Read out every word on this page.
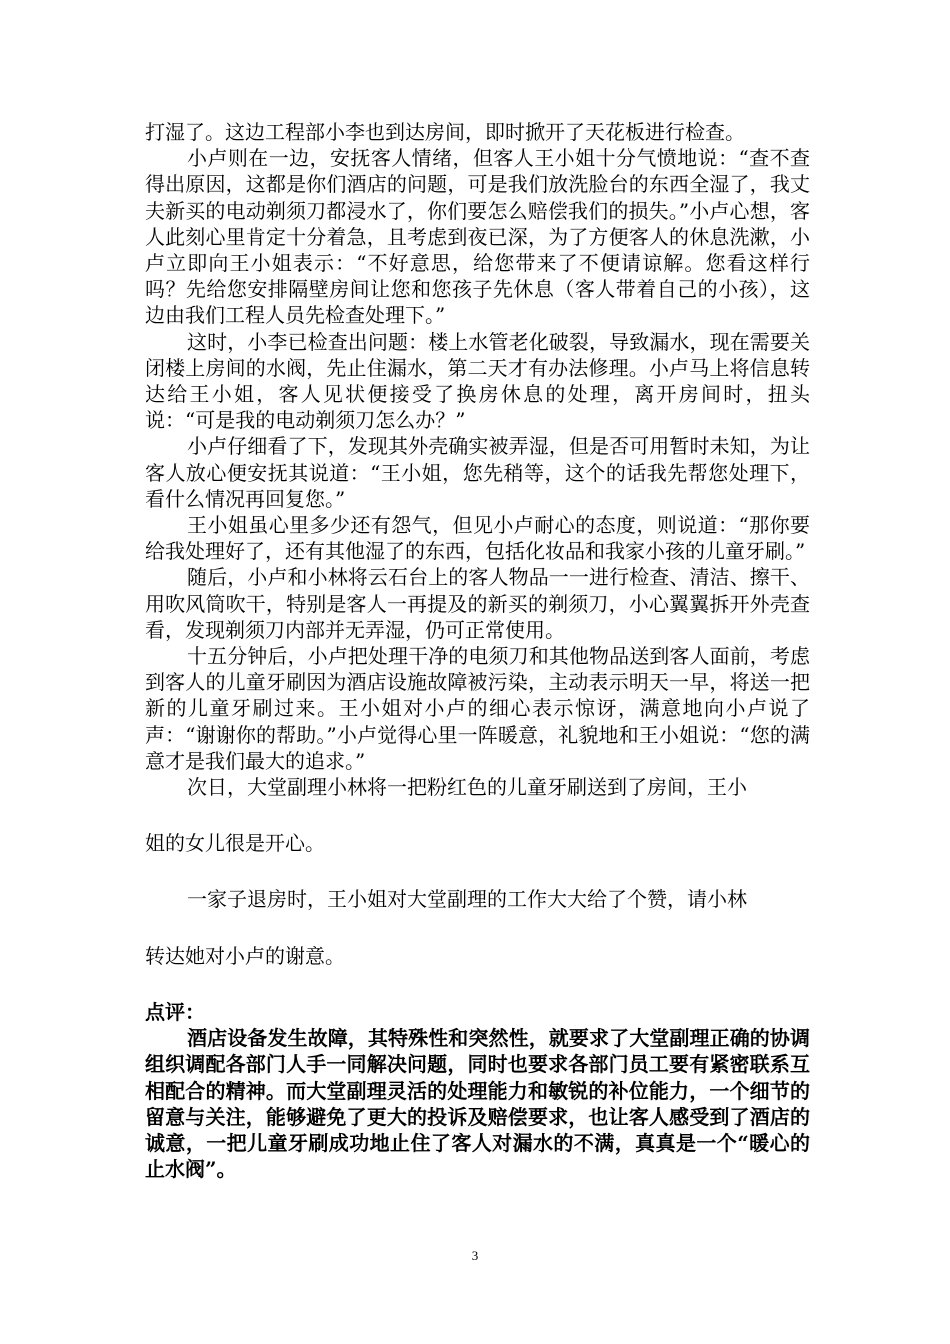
打湿了。这边工程部小李也到达房间，即时掀开了天花板进行检查。

小卢则在一边，安抚客人情绪，但客人王小姐十分气愤地说：“查不查得出原因，这都是你们酒店的问题，可是我们放洗脸台的东西全湿了，我丈夫新买的电动剃须刀都浸水了，你们要怎么赔偿我们的损失。”小卢心想，客人此刻心里肯定十分着急，且考虑到夜已深，为了方便客人的休息洗漱，小卢立即向王小姐表示：“不好意思，给您带来了不便请谅解。您看这样行吗？先给您安排隔壁房间让您和您孩子先休息（客人带着自己的小孩），这边由我们工程人员先检查处理下。”

这时，小李已检查出问题：楼上水管老化破裂，导致漏水，现在需要关闭楼上房间的水阀，先止住漏水，第二天才有办法修理。小卢马上将信息转达给王小姐，客人见状便接受了换房休息的处理，离开房间时，扭头说：“可是我的电动剃须刀怎么办？”

小卢仔细看了下，发现其外壳确实被弄湿，但是否可用暂时未知，为让客人放心便安抚其说道：“王小姐，您先稍等，这个的话我先帮您处理下，看什么情况再回复您。”

王小姐虽心里多少还有怨气，但见小卢耐心的态度，则说道：“那你要给我处理好了，还有其他湿了的东西，包括化妆品和我家小孩的儿童牙刷。”

随后，小卢和小林将云石台上的客人物品一一进行检查、清洁、擦干、用吹风筒吹干，特别是客人一再提及的新买的剃须刀，小心翼翼拆开外壳查看，发现剃须刀内部并无弄湿，仍可正常使用。

十五分钟后，小卢把处理干净的电须刀和其他物品送到客人面前，考虑到客人的儿童牙刷因为酒店设施故障被污染，主动表示明天一早，将送一把新的儿童牙刷过来。王小姐对小卢的细心表示惊讶，满意地向小卢说了声：“谢谢你的帮助。”小卢觉得心里一阵暖意，礼貌地和王小姐说：“您的满意才是我们最大的追求。”

次日，大堂副理小林将一把粉红色的儿童牙刷送到了房间，王小

姐的女儿很是开心。

一家子退房时，王小姐对大堂副理的工作大大给了个赞，请小林

转达她对小卢的谢意。

点评：

酒店设备发生故障，其特殊性和突然性，就要求了大堂副理正确的协调组织调配各部门人手一同解决问题，同时也要求各部门员工要有紧密联系互相配合的精神。而大堂副理灵活的处理能力和敏锐的补位能力，一个细节的留意与关注，能够避免了更大的投诉及赔偿要求，也让客人感受到了酒店的诚意，一把儿童牙刷成功地止住了客人对漏水的不满，真真是一个“暖心的止水阀”。

3
